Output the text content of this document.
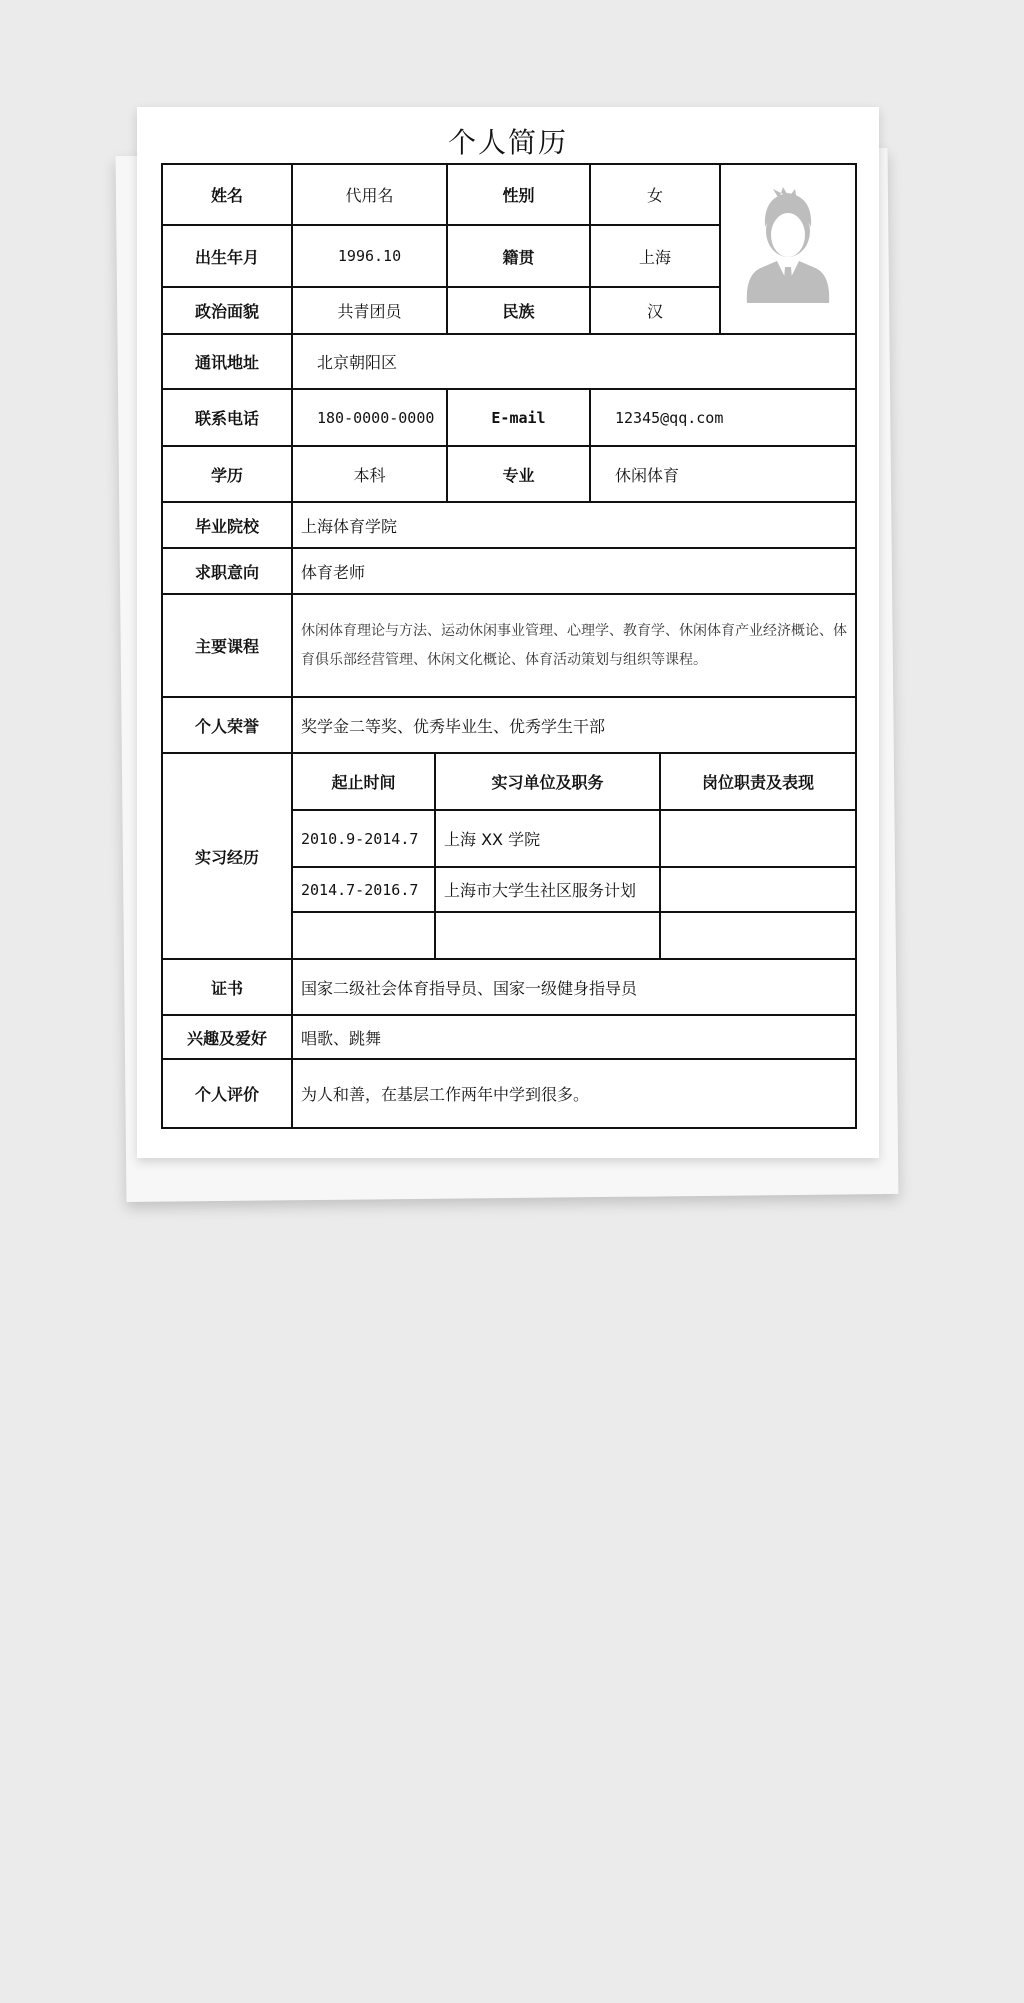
个人简历
姓名	代用名	性别	女	
出生年月	1996.10	籍贯	上海
政治面貌	共青团员	民族	汉
通讯地址	北京朝阳区
联系电话	180-0000-0000	E-mail	12345@qq.com
学历	本科	专业	休闲体育
毕业院校	上海体育学院
求职意向	体育老师
主要课程	休闲体育理论与方法、运动休闲事业管理、心理学、教育学、休闲体育产业经济概论、体育俱乐部经营管理、休闲文化概论、体育活动策划与组织等课程。
个人荣誉	奖学金二等奖、优秀毕业生、优秀学生干部
实习经历	
起止时间	实习单位及职务	岗位职责及表现
2010.9-2014.7	上海 XX 学院	
2014.7-2016.7	上海市大学生社区服务计划	

证书	国家二级社会体育指导员、国家一级健身指导员
兴趣及爱好	唱歌、跳舞
个人评价	为人和善，在基层工作两年中学到很多。
